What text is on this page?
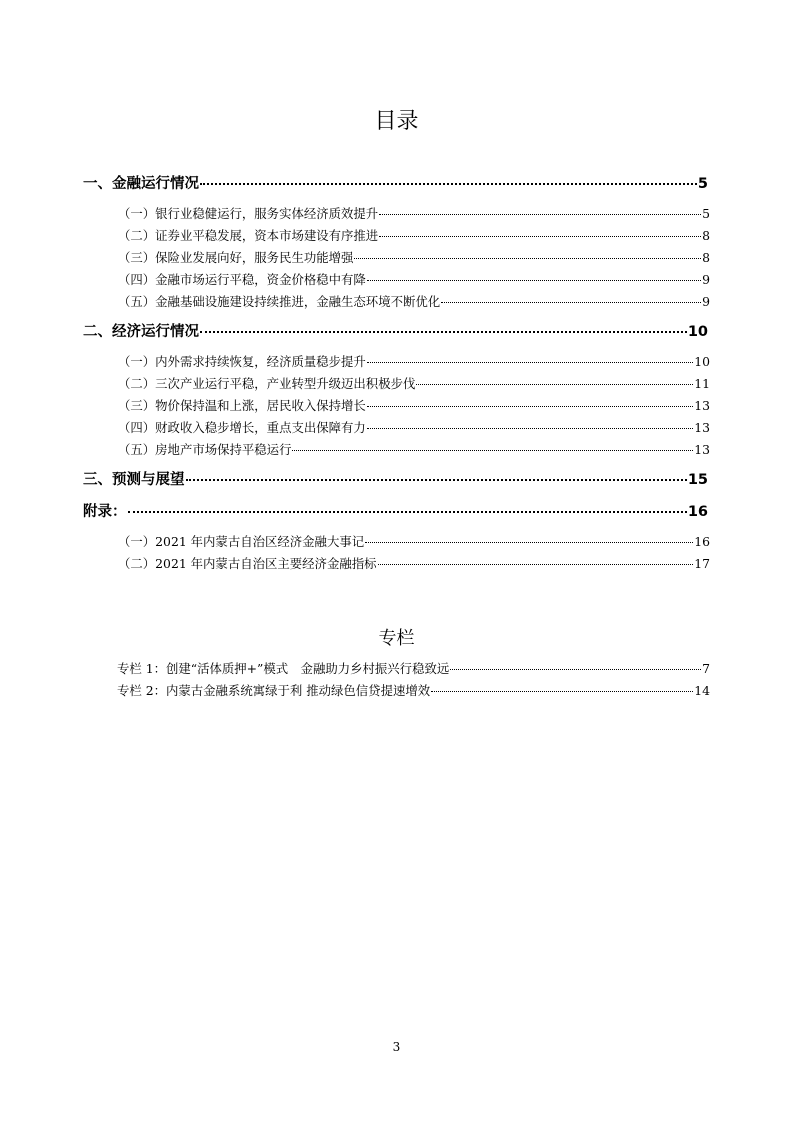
目录
一、金融运行情况	5
（一）银行业稳健运行，服务实体经济质效提升	5
（二）证券业平稳发展，资本市场建设有序推进	8
（三）保险业发展向好，服务民生功能增强	8
（四）金融市场运行平稳，资金价格稳中有降	9
（五）金融基础设施建设持续推进，金融生态环境不断优化	9
二、经济运行情况	10
（一）内外需求持续恢复，经济质量稳步提升	10
（二）三次产业运行平稳，产业转型升级迈出积极步伐	11
（三）物价保持温和上涨，居民收入保持增长	13
（四）财政收入稳步增长，重点支出保障有力	13
（五）房地产市场保持平稳运行	13
三、预测与展望	15
附录：	16
（一）2021 年内蒙古自治区经济金融大事记	16
（二）2021 年内蒙古自治区主要经济金融指标	17
专栏
专栏 1：创建“活体质押+”模式　金融助力乡村振兴行稳致远	7
专栏 2：内蒙古金融系统寓绿于利 推动绿色信贷提速增效	14
3
